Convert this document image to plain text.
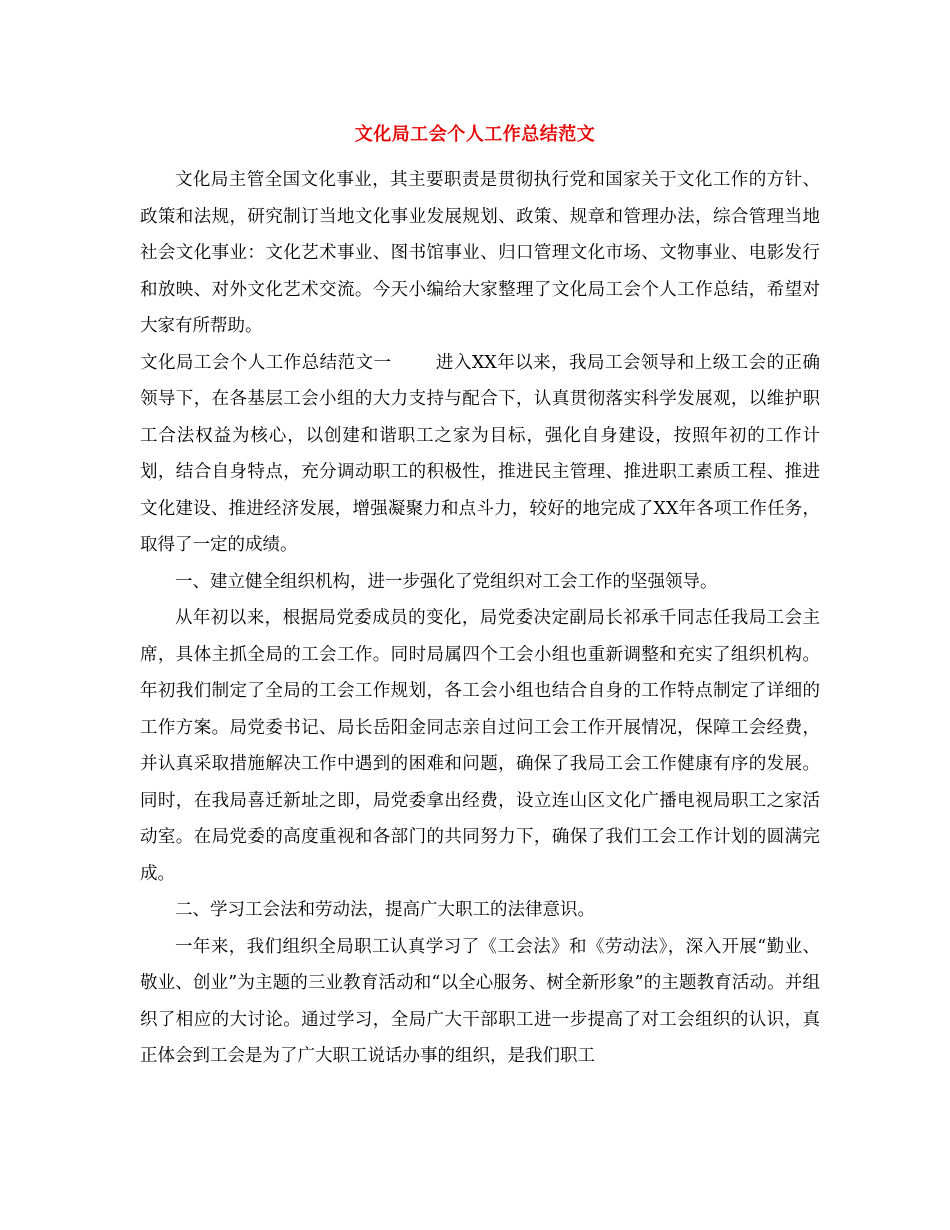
文化局工会个人工作总结范文

文化局主管全国文化事业，其主要职责是贯彻执行党和国家关于文化工作的方针、政策和法规，研究制订当地文化事业发展规划、政策、规章和管理办法，综合管理当地社会文化事业：文化艺术事业、图书馆事业、归口管理文化市场、文物事业、电影发行和放映、对外文化艺术交流。今天小编给大家整理了文化局工会个人工作总结，希望对大家有所帮助。

文化局工会个人工作总结范文一	进入XX年以来，我局工会领导和上级工会的正确领导下，在各基层工会小组的大力支持与配合下，认真贯彻落实科学发展观，以维护职工合法权益为核心，以创建和谐职工之家为目标，强化自身建设，按照年初的工作计划，结合自身特点，充分调动职工的积极性，推进民主管理、推进职工素质工程、推进文化建设、推进经济发展，增强凝聚力和点斗力，较好的地完成了XX年各项工作任务，取得了一定的成绩。

一、建立健全组织机构，进一步强化了党组织对工会工作的坚强领导。

从年初以来，根据局党委成员的变化，局党委决定副局长祁承千同志任我局工会主席，具体主抓全局的工会工作。同时局属四个工会小组也重新调整和充实了组织机构。年初我们制定了全局的工会工作规划，各工会小组也结合自身的工作特点制定了详细的工作方案。局党委书记、局长岳阳金同志亲自过问工会工作开展情况，保障工会经费，并认真采取措施解决工作中遇到的困难和问题，确保了我局工会工作健康有序的发展。同时，在我局喜迁新址之即，局党委拿出经费，设立连山区文化广播电视局职工之家活动室。在局党委的高度重视和各部门的共同努力下，确保了我们工会工作计划的圆满完成。

二、学习工会法和劳动法，提高广大职工的法律意识。

一年来，我们组织全局职工认真学习了《工会法》和《劳动法》，深入开展“勤业、敬业、创业”为主题的三业教育活动和“以全心服务、树全新形象”的主题教育活动。并组织了相应的大讨论。通过学习，全局广大干部职工进一步提高了对工会组织的认识，真正体会到工会是为了广大职工说话办事的组织，是我们职工
